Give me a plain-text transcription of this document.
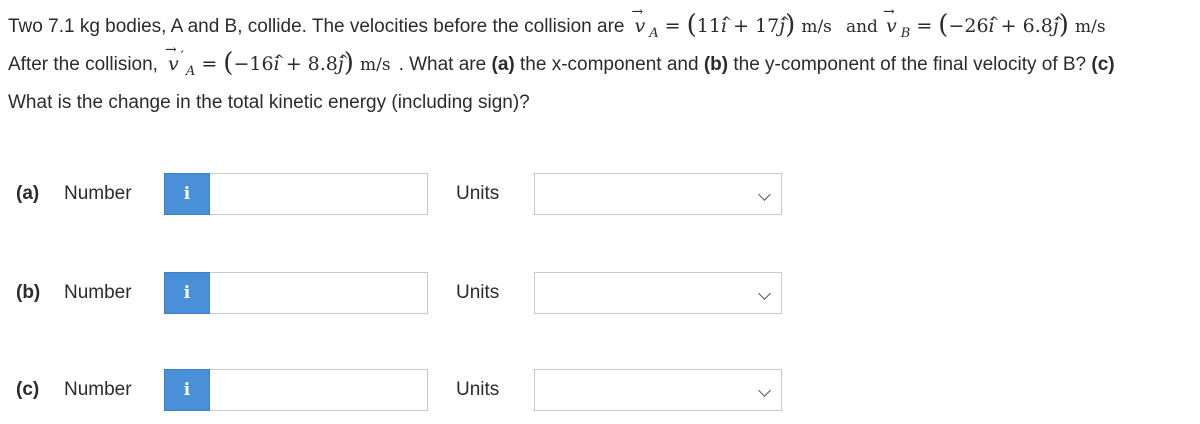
Two 7.1 kg bodies, A and B, collide. The velocities before the collision are → v $_A$ = (11^ i + 17^ j) m/s and → v $_B$ = (−26^ i + 6.8^ j) m/s
After the collision, → v ′$_A$ = (−16^ i + 8.8^ j) m/s . What are
(a)
the x-component and
(b)
the y-component of the final velocity of B?
(c)
What is the change in the total kinetic energy (including sign)?
(a)	Number	i	Units
(b)	Number	i	Units
(c)	Number	i	Units
